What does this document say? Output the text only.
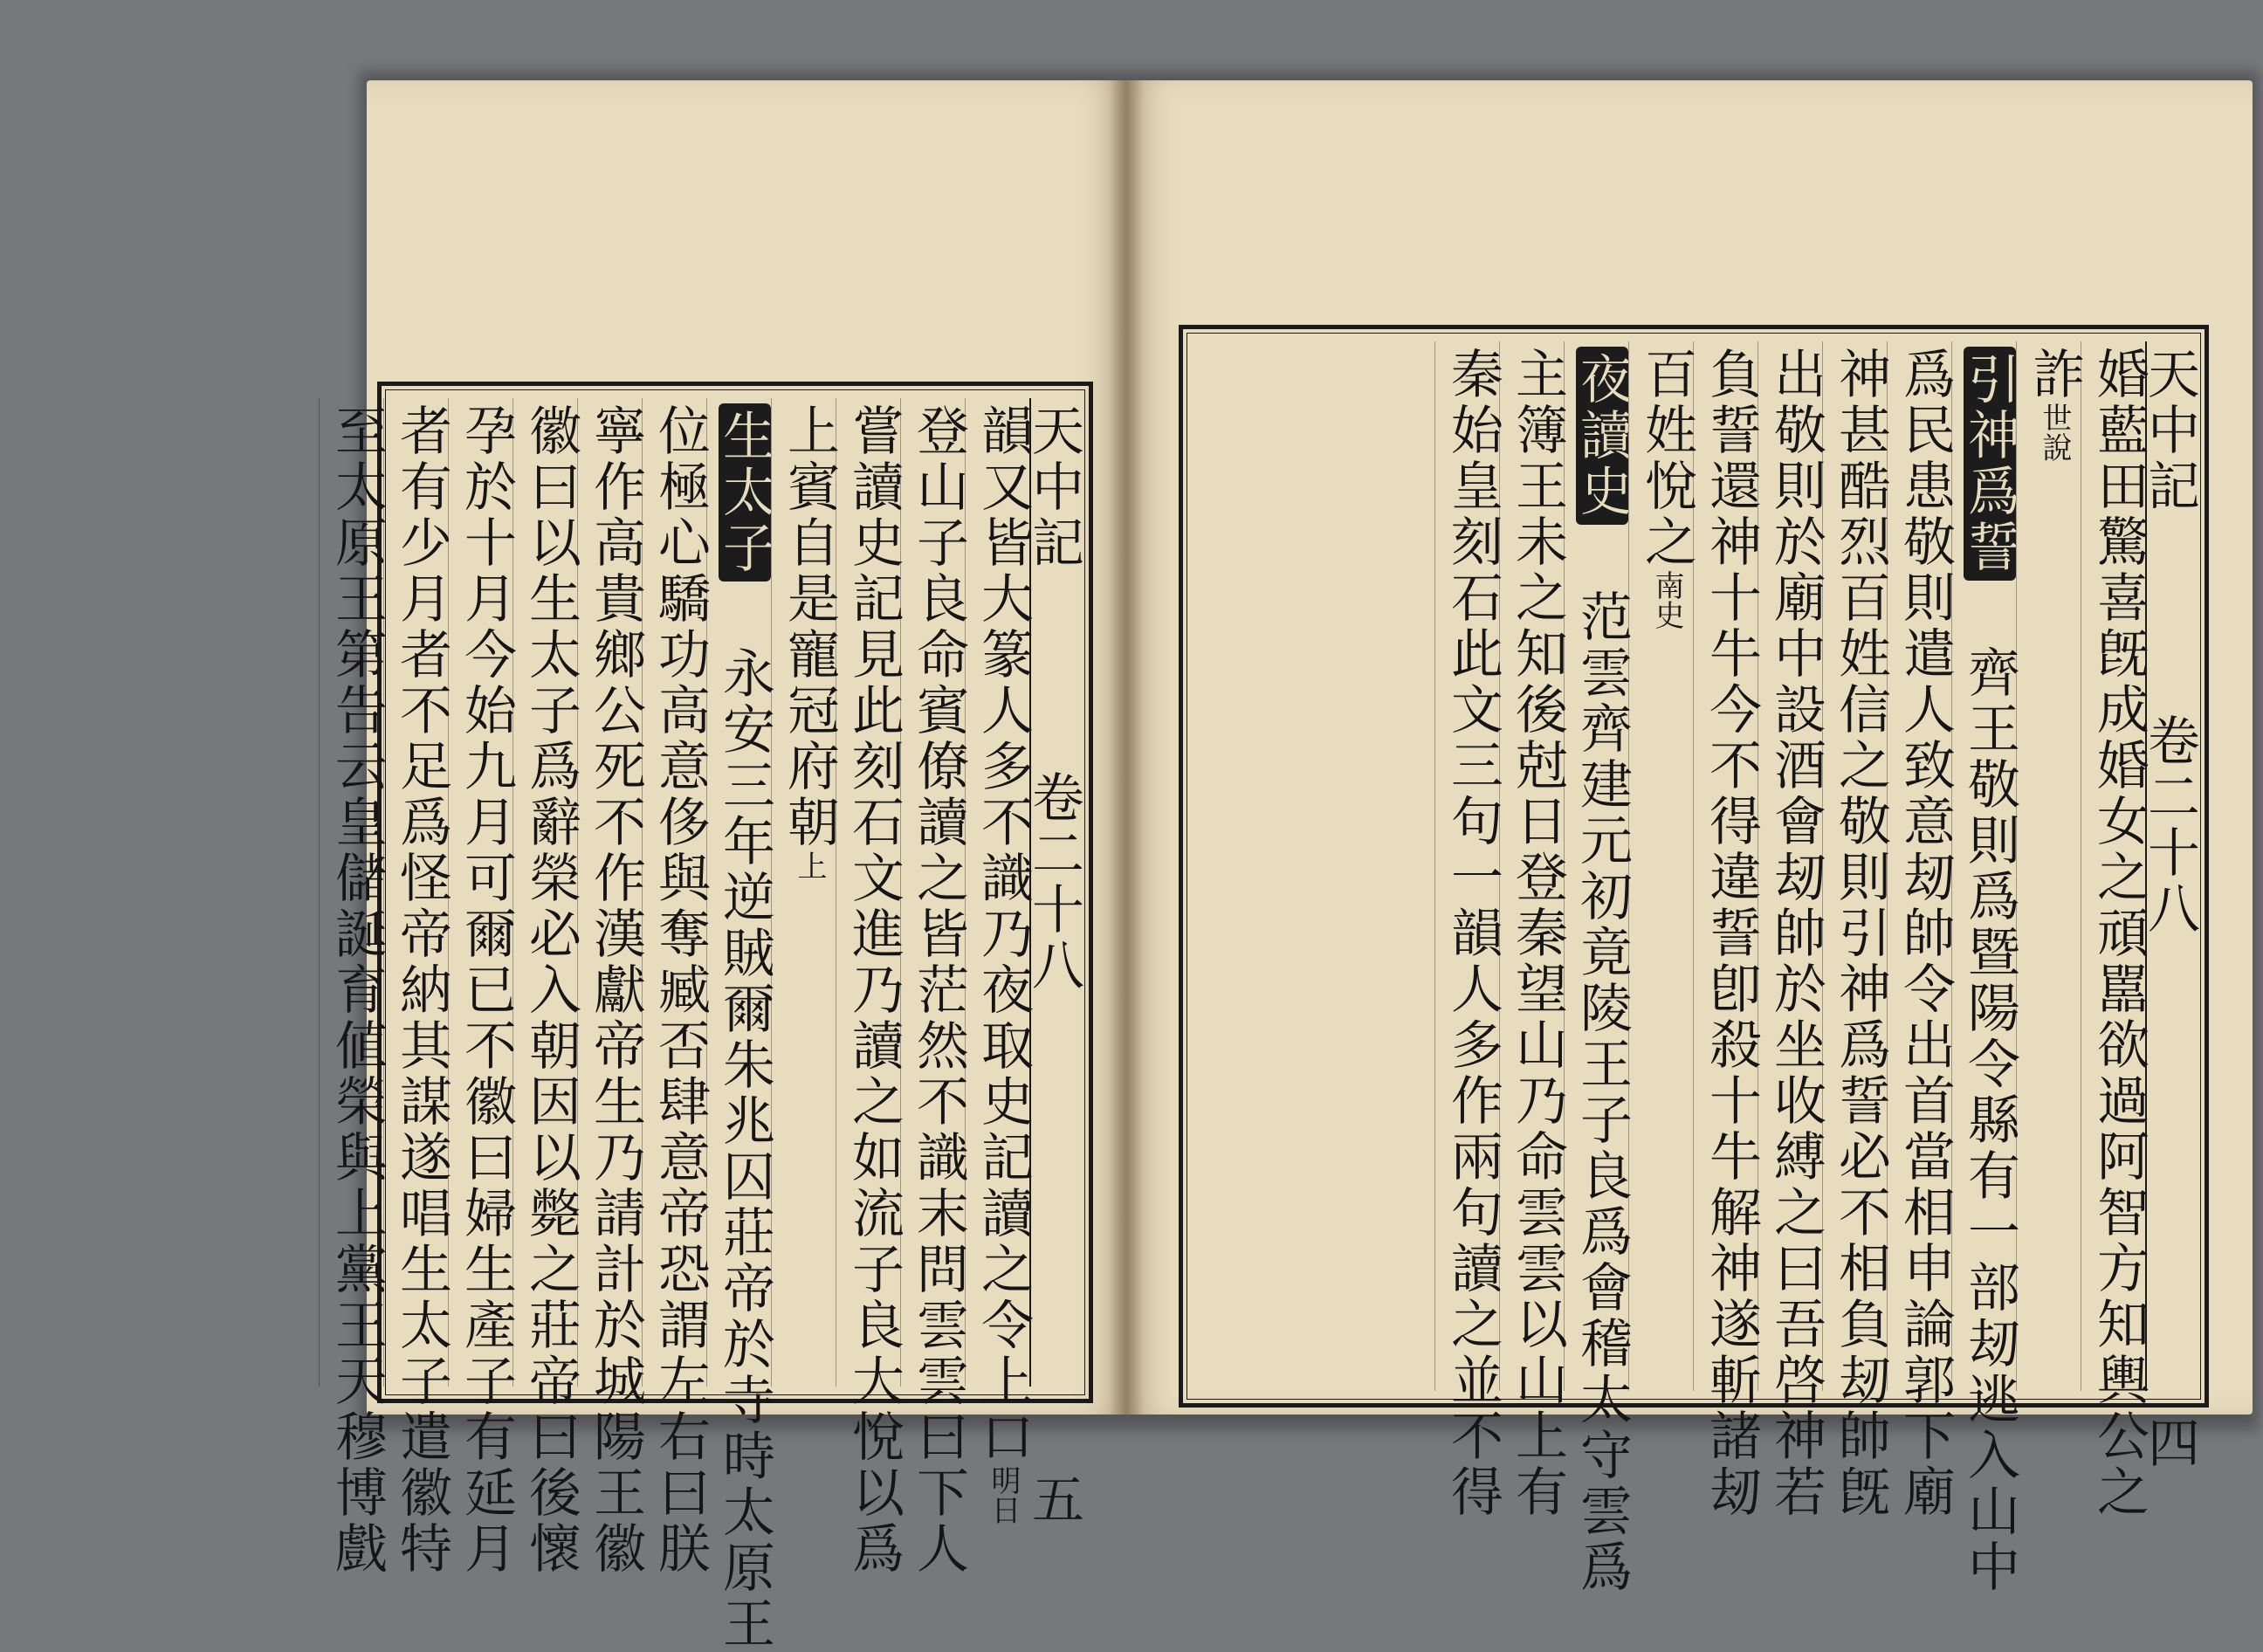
天中記  卷二十八  五
韻又皆大篆人多不識乃夜取史記讀之令上口明日
登山子良命賓僚讀之皆茫然不識末問雲雲曰下人
嘗讀史記見此刻石文進乃讀之如流子良大悅以爲
上賓自是寵冠府朝上
生太子 永安三年逆賊爾朱兆囚莊帝於寺時太原王
位極心驕功高意侈與奪臧否肆意帝恐謂左右曰朕
寧作高貴鄉公死不作漢獻帝生乃請計於城陽王徽
徽曰以生太子爲辭榮必入朝因以斃之莊帝曰後懷
孕於十月今始九月可爾已不徽曰婦生產子有延月
者有少月者不足爲怪帝納其謀遂唱生太子遣徽特
至太原王第告云皇儲誕育値榮與上黨王天穆博戲	天中記  卷二十八  四
婚藍田驚喜旣成婚女之頑嚚欲過阿智方知輿公之
詐世說
引神爲誓 齊王敬則爲暨陽令縣有一部刼逃入山中
爲民患敬則遣人致意刼帥令出首當相申論郭下廟
神甚酷烈百姓信之敬則引神爲誓必不相負刼帥旣
出敬則於廟中設酒會刼帥於坐收縛之曰吾啓神若
負誓還神十牛今不得違誓卽殺十牛解神遂斬諸刼
百姓悅之南史
夜讀史 范雲齊建元初竟陵王子良爲會稽太守雲爲
主簿王未之知後尅日登秦望山乃命雲雲以山上有
秦始皇刻石此文三句一韻人多作兩句讀之並不得
